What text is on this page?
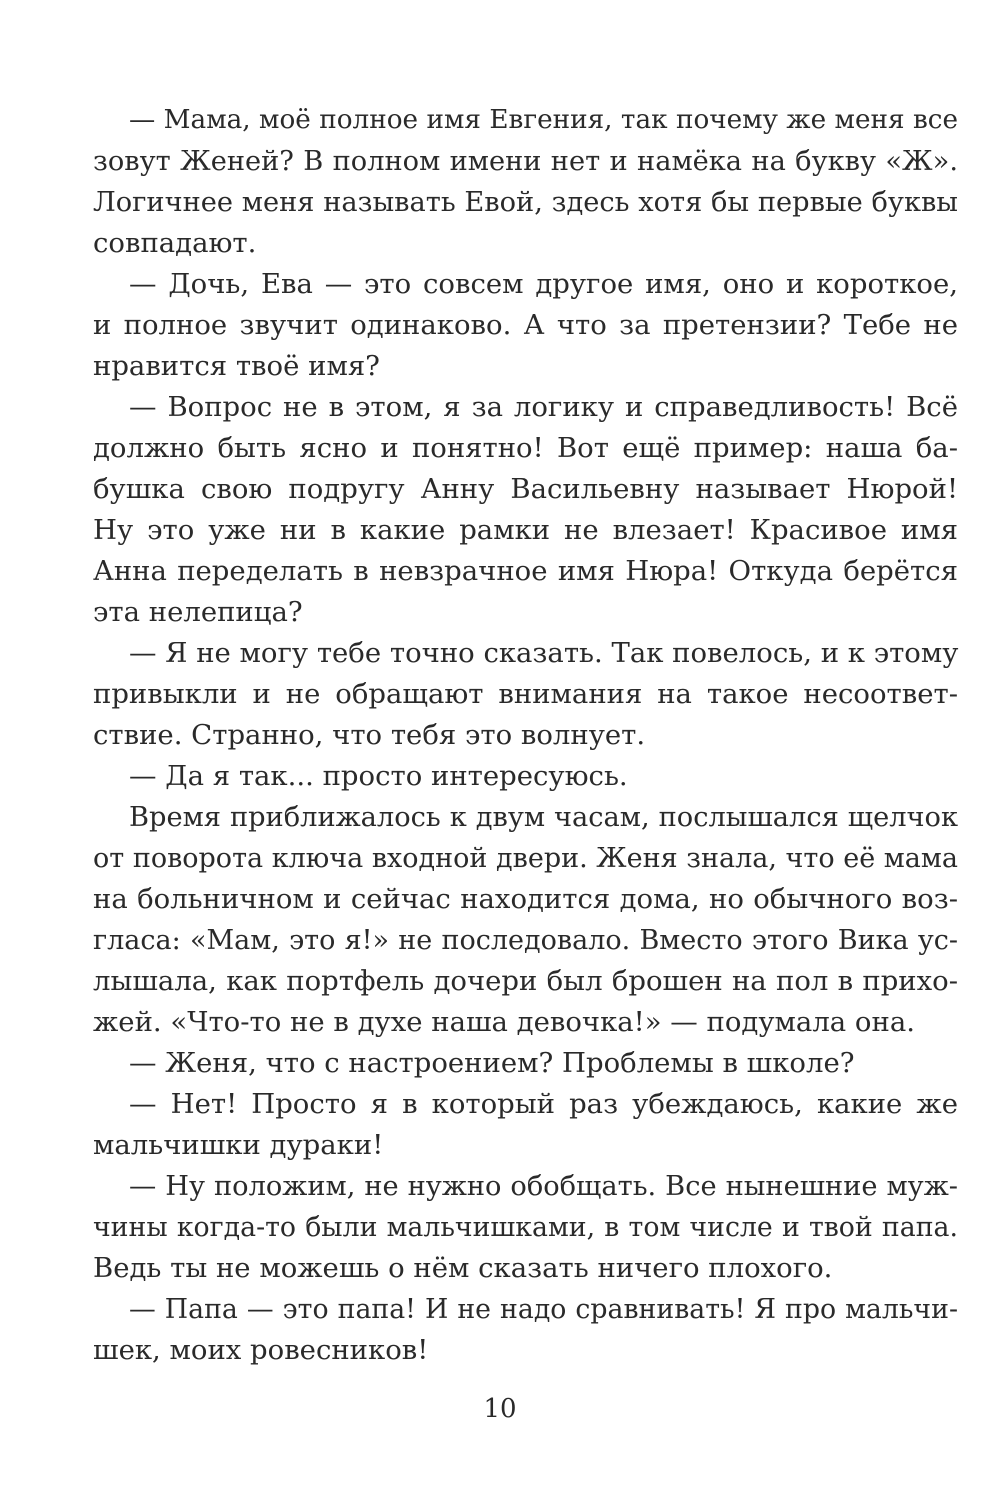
— Мама, моё полное имя Евгения, так почему же меня все
зовут Женей? В полном имени нет и намёка на букву «Ж».
Логичнее меня называть Евой, здесь хотя бы первые буквы
совпадают.
— Дочь, Ева — это совсем другое имя, оно и короткое,
и полное звучит одинаково. А что за претензии? Тебе не
нравится твоё имя?
— Вопрос не в этом, я за логику и справедливость! Всё
должно быть ясно и понятно! Вот ещё пример: наша ба-
бушка свою подругу Анну Васильевну называет Нюрой!
Ну это уже ни в какие рамки не влезает! Красивое имя
Анна переделать в невзрачное имя Нюра! Откуда берётся
эта нелепица?
— Я не могу тебе точно сказать. Так повелось, и к этому
привыкли и не обращают внимания на такое несоответ-
ствие. Странно, что тебя это волнует.
— Да я так... просто интересуюсь.
Время приближалось к двум часам, послышался щелчок
от поворота ключа входной двери. Женя знала, что её мама
на больничном и сейчас находится дома, но обычного воз-
гласа: «Мам, это я!» не последовало. Вместо этого Вика ус-
лышала, как портфель дочери был брошен на пол в прихо-
жей. «Что-то не в духе наша девочка!» — подумала она.
— Женя, что с настроением? Проблемы в школе?
— Нет! Просто я в который раз убеждаюсь, какие же
мальчишки дураки!
— Ну положим, не нужно обобщать. Все нынешние муж-
чины когда-то были мальчишками, в том числе и твой папа.
Ведь ты не можешь о нём сказать ничего плохого.
— Папа — это папа! И не надо сравнивать! Я про мальчи-
шек, моих ровесников!
10
